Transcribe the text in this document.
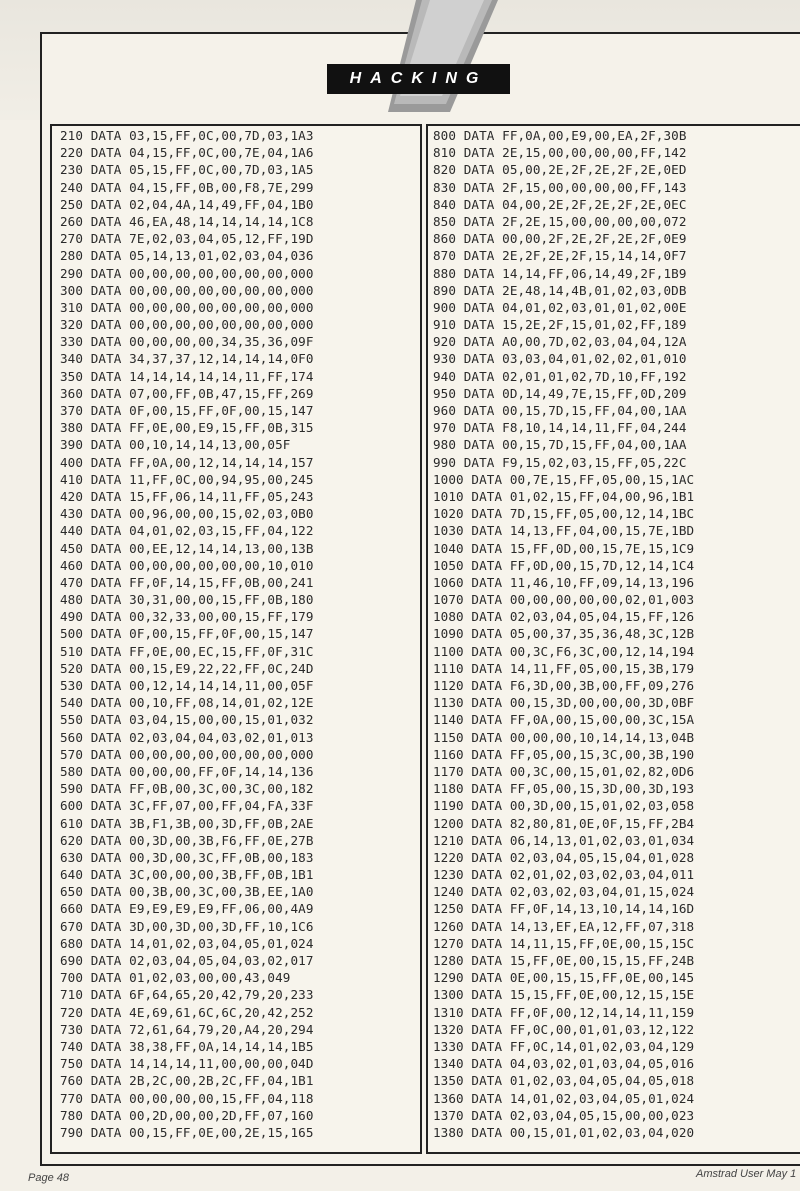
HACKING
210 DATA 03,15,FF,0C,00,7D,03,1A3
220 DATA 04,15,FF,0C,00,7E,04,1A6
230 DATA 05,15,FF,0C,00,7D,03,1A5
240 DATA 04,15,FF,0B,00,F8,7E,299
250 DATA 02,04,4A,14,49,FF,04,1B0
260 DATA 46,EA,48,14,14,14,14,1C8
270 DATA 7E,02,03,04,05,12,FF,19D
280 DATA 05,14,13,01,02,03,04,036
290 DATA 00,00,00,00,00,00,00,000
300 DATA 00,00,00,00,00,00,00,000
310 DATA 00,00,00,00,00,00,00,000
320 DATA 00,00,00,00,00,00,00,000
330 DATA 00,00,00,00,34,35,36,09F
340 DATA 34,37,37,12,14,14,14,0F0
350 DATA 14,14,14,14,14,11,FF,174
360 DATA 07,00,FF,0B,47,15,FF,269
370 DATA 0F,00,15,FF,0F,00,15,147
380 DATA FF,0E,00,E9,15,FF,0B,315
390 DATA 00,10,14,14,13,00,05F
400 DATA FF,0A,00,12,14,14,14,157
410 DATA 11,FF,0C,00,94,95,00,245
420 DATA 15,FF,06,14,11,FF,05,243
430 DATA 00,96,00,00,15,02,03,0B0
440 DATA 04,01,02,03,15,FF,04,122
450 DATA 00,EE,12,14,14,13,00,13B
460 DATA 00,00,00,00,00,00,10,010
470 DATA FF,0F,14,15,FF,0B,00,241
480 DATA 30,31,00,00,15,FF,0B,180
490 DATA 00,32,33,00,00,15,FF,179
500 DATA 0F,00,15,FF,0F,00,15,147
510 DATA FF,0E,00,EC,15,FF,0F,31C
520 DATA 00,15,E9,22,22,FF,0C,24D
530 DATA 00,12,14,14,14,11,00,05F
540 DATA 00,10,FF,08,14,01,02,12E
550 DATA 03,04,15,00,00,15,01,032
560 DATA 02,03,04,04,03,02,01,013
570 DATA 00,00,00,00,00,00,00,000
580 DATA 00,00,00,FF,0F,14,14,136
590 DATA FF,0B,00,3C,00,3C,00,182
600 DATA 3C,FF,07,00,FF,04,FA,33F
610 DATA 3B,F1,3B,00,3D,FF,0B,2AE
620 DATA 00,3D,00,3B,F6,FF,0E,27B
630 DATA 00,3D,00,3C,FF,0B,00,183
640 DATA 3C,00,00,00,3B,FF,0B,1B1
650 DATA 00,3B,00,3C,00,3B,EE,1A0
660 DATA E9,E9,E9,E9,FF,06,00,4A9
670 DATA 3D,00,3D,00,3D,FF,10,1C6
680 DATA 14,01,02,03,04,05,01,024
690 DATA 02,03,04,05,04,03,02,017
700 DATA 01,02,03,00,00,43,049
710 DATA 6F,64,65,20,42,79,20,233
720 DATA 4E,69,61,6C,6C,20,42,252
730 DATA 72,61,64,79,20,A4,20,294
740 DATA 38,38,FF,0A,14,14,14,1B5
750 DATA 14,14,14,11,00,00,00,04D
760 DATA 2B,2C,00,2B,2C,FF,04,1B1
770 DATA 00,00,00,00,15,FF,04,118
780 DATA 00,2D,00,00,2D,FF,07,160
790 DATA 00,15,FF,0E,00,2E,15,165
800 DATA FF,0A,00,E9,00,EA,2F,30B
810 DATA 2E,15,00,00,00,00,FF,142
820 DATA 05,00,2E,2F,2E,2F,2E,0ED
830 DATA 2F,15,00,00,00,00,FF,143
840 DATA 04,00,2E,2F,2E,2F,2E,0EC
850 DATA 2F,2E,15,00,00,00,00,072
860 DATA 00,00,2F,2E,2F,2E,2F,0E9
870 DATA 2E,2F,2E,2F,15,14,14,0F7
880 DATA 14,14,FF,06,14,49,2F,1B9
890 DATA 2E,48,14,4B,01,02,03,0DB
900 DATA 04,01,02,03,01,01,02,00E
910 DATA 15,2E,2F,15,01,02,FF,189
920 DATA A0,00,7D,02,03,04,04,12A
930 DATA 03,03,04,01,02,02,01,010
940 DATA 02,01,01,02,7D,10,FF,192
950 DATA 0D,14,49,7E,15,FF,0D,209
960 DATA 00,15,7D,15,FF,04,00,1AA
970 DATA F8,10,14,14,11,FF,04,244
980 DATA 00,15,7D,15,FF,04,00,1AA
990 DATA F9,15,02,03,15,FF,05,22C
1000 DATA 00,7E,15,FF,05,00,15,1AC
1010 DATA 01,02,15,FF,04,00,96,1B1
1020 DATA 7D,15,FF,05,00,12,14,1BC
1030 DATA 14,13,FF,04,00,15,7E,1BD
1040 DATA 15,FF,0D,00,15,7E,15,1C9
1050 DATA FF,0D,00,15,7D,12,14,1C4
1060 DATA 11,46,10,FF,09,14,13,196
1070 DATA 00,00,00,00,00,02,01,003
1080 DATA 02,03,04,05,04,15,FF,126
1090 DATA 05,00,37,35,36,48,3C,12B
1100 DATA 00,3C,F6,3C,00,12,14,194
1110 DATA 14,11,FF,05,00,15,3B,179
1120 DATA F6,3D,00,3B,00,FF,09,276
1130 DATA 00,15,3D,00,00,00,3D,0BF
1140 DATA FF,0A,00,15,00,00,3C,15A
1150 DATA 00,00,00,10,14,14,13,04B
1160 DATA FF,05,00,15,3C,00,3B,190
1170 DATA 00,3C,00,15,01,02,82,0D6
1180 DATA FF,05,00,15,3D,00,3D,193
1190 DATA 00,3D,00,15,01,02,03,058
1200 DATA 82,80,81,0E,0F,15,FF,2B4
1210 DATA 06,14,13,01,02,03,01,034
1220 DATA 02,03,04,05,15,04,01,028
1230 DATA 02,01,02,03,02,03,04,011
1240 DATA 02,03,02,03,04,01,15,024
1250 DATA FF,0F,14,13,10,14,14,16D
1260 DATA 14,13,EF,EA,12,FF,07,318
1270 DATA 14,11,15,FF,0E,00,15,15C
1280 DATA 15,FF,0E,00,15,15,FF,24B
1290 DATA 0E,00,15,15,FF,0E,00,145
1300 DATA 15,15,FF,0E,00,12,15,15E
1310 DATA FF,0F,00,12,14,14,11,159
1320 DATA FF,0C,00,01,01,03,12,122
1330 DATA FF,0C,14,01,02,03,04,129
1340 DATA 04,03,02,01,03,04,05,016
1350 DATA 01,02,03,04,05,04,05,018
1360 DATA 14,01,02,03,04,05,01,024
1370 DATA 02,03,04,05,15,00,00,023
1380 DATA 00,15,01,01,02,03,04,020
Page 48	Amstrad User May 1
